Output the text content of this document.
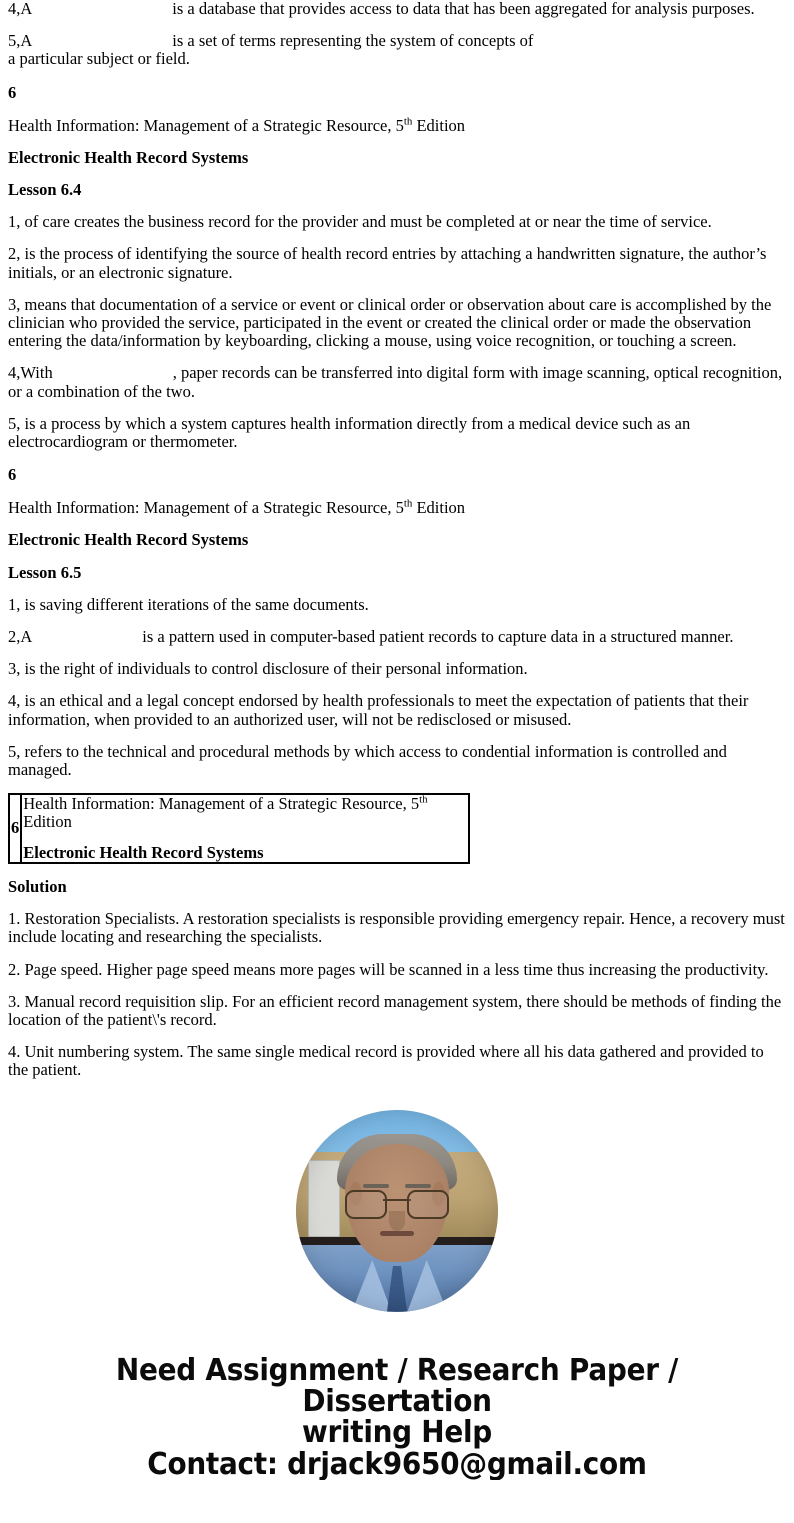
4,A	is a database that provides access to data that has been aggregated for analysis purposes.

5,A	is a set of terms representing the system of concepts of
a particular subject or field.

6

Health Information: Management of a Strategic Resource, 5th Edition

Electronic Health Record Systems

Lesson 6.4

1, of care creates the business record for the provider and must be completed at or near the time of service.

2, is the process of identifying the source of health record entries by attaching a handwritten signature, the author’s initials, or an electronic signature.

3, means that documentation of a service or event or clinical order or observation about care is accomplished by the clinician who provided the service, participated in the event or created the clinical order or made the observation entering the data/information by keyboarding, clicking a mouse, using voice recognition, or touching a screen.

4,With	, paper records can be transferred into digital form with image scanning, optical recognition, or a combination of the two.

5, is a process by which a system captures health information directly from a medical device such as an electrocardiogram or thermometer.

6

Health Information: Management of a Strategic Resource, 5th Edition

Electronic Health Record Systems

Lesson 6.5

1, is saving different iterations of the same documents.

2,A	is a pattern used in computer-based patient records to capture data in a structured manner.

3, is the right of individuals to control disclosure of their personal information.

4, is an ethical and a legal concept endorsed by health professionals to meet the expectation of patients that their information, when provided to an authorized user, will not be redisclosed or misused.

5, refers to the technical and procedural methods by which access to condential information is controlled and managed.

6	
Health Information: Management of a Strategic Resource, 5th Edition
Electronic Health Record Systems

Solution

1. Restoration Specialists. A restoration specialists is responsible providing emergency repair. Hence, a recovery must include locating and researching the specialists.

2. Page speed. Higher page speed means more pages will be scanned in a less time thus increasing the productivity.

3. Manual record requisition slip. For an efficient record management system, there should be methods of finding the location of the patient\'s record.

4. Unit numbering system. The same single medical record is provided where all his data gathered and provided to the patient.

Need Assignment / Research Paper / Dissertation
writing Help
Contact: drjack9650@gmail.com
